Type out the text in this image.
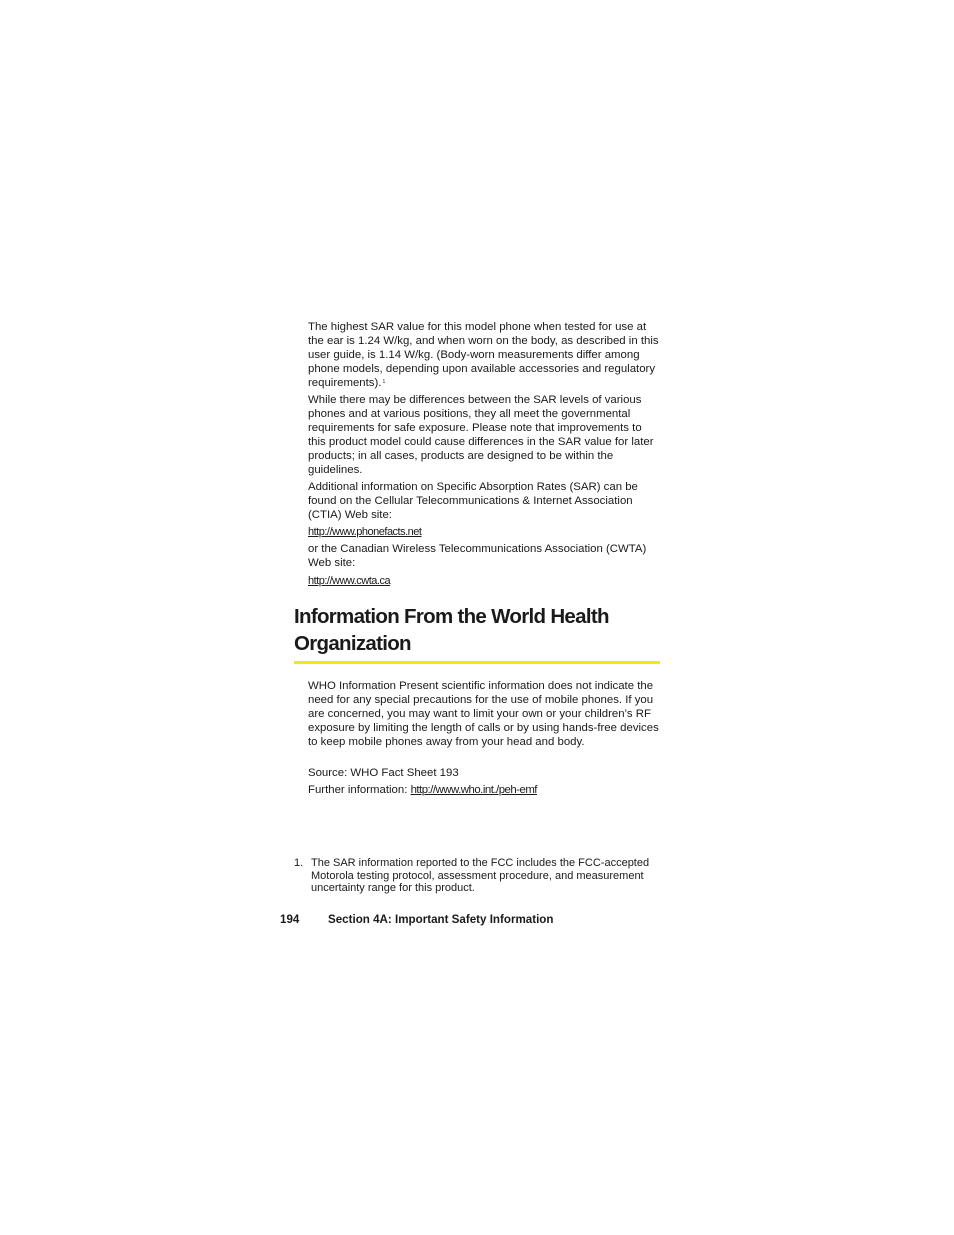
The highest SAR value for this model phone when tested for use at the ear is 1.24 W/kg, and when worn on the body, as described in this user guide, is 1.14 W/kg. (Body-worn measurements differ among phone models, depending upon available accessories and regulatory requirements).$^1$

While there may be differences between the SAR levels of various phones and at various positions, they all meet the governmental requirements for safe exposure. Please note that improvements to this product model could cause differences in the SAR value for later products; in all cases, products are designed to be within the guidelines.

Additional information on Specific Absorption Rates (SAR) can be found on the Cellular Telecommunications & Internet Association (CTIA) Web site:

http://www.phonefacts.net

or the Canadian Wireless Telecommunications Association (CWTA) Web site:

http://www.cwta.ca
Information From the World Health Organization

WHO Information Present scientific information does not indicate the need for any special precautions for the use of mobile phones. If you are concerned, you may want to limit your own or your children’s RF exposure by limiting the length of calls or by using hands-free devices to keep mobile phones away from your head and body.

Source: WHO Fact Sheet 193

Further information: http://www.who.int./peh-emf

1. The SAR information reported to the FCC includes the FCC-accepted Motorola testing protocol, assessment procedure, and measurement uncertainty range for this product.
194 Section 4A: Important Safety Information
